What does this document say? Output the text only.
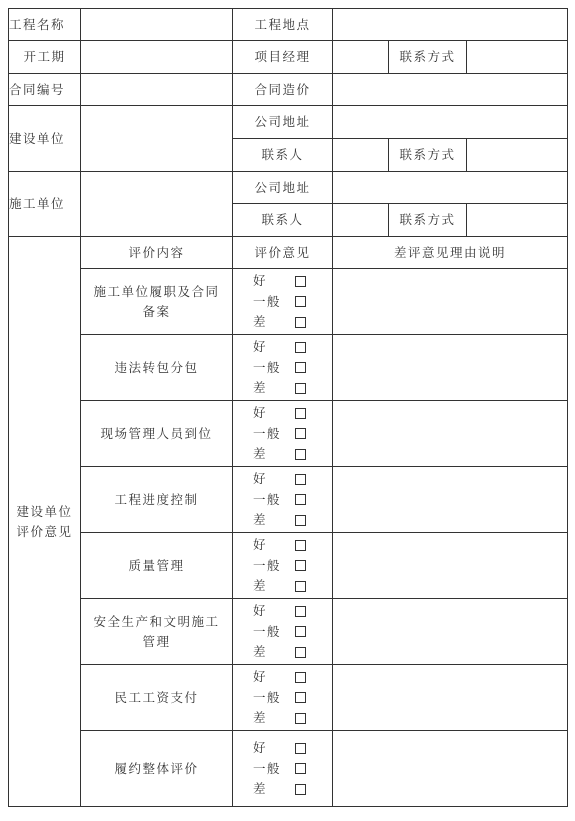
工程名称		工程地点			
开工期		项目经理		联系方式	
合同编号		合同造价			
建设单位		公司地址			
		联系人		联系方式	
施工单位		公司地址			
		联系人		联系方式	
建设单位评价意见	评价内容	评价意见	差评意见理由说明		
	施工单位履职及合同备案	好
一般
差			

	违法转包分包	好
一般
差			

	现场管理人员到位	好
一般
差			

	工程进度控制	好
一般
差			

	质量管理	好
一般
差			

	安全生产和文明施工管理	好
一般
差			

	民工工资支付	好
一般
差			

	履约整体评价	好
一般
差			
